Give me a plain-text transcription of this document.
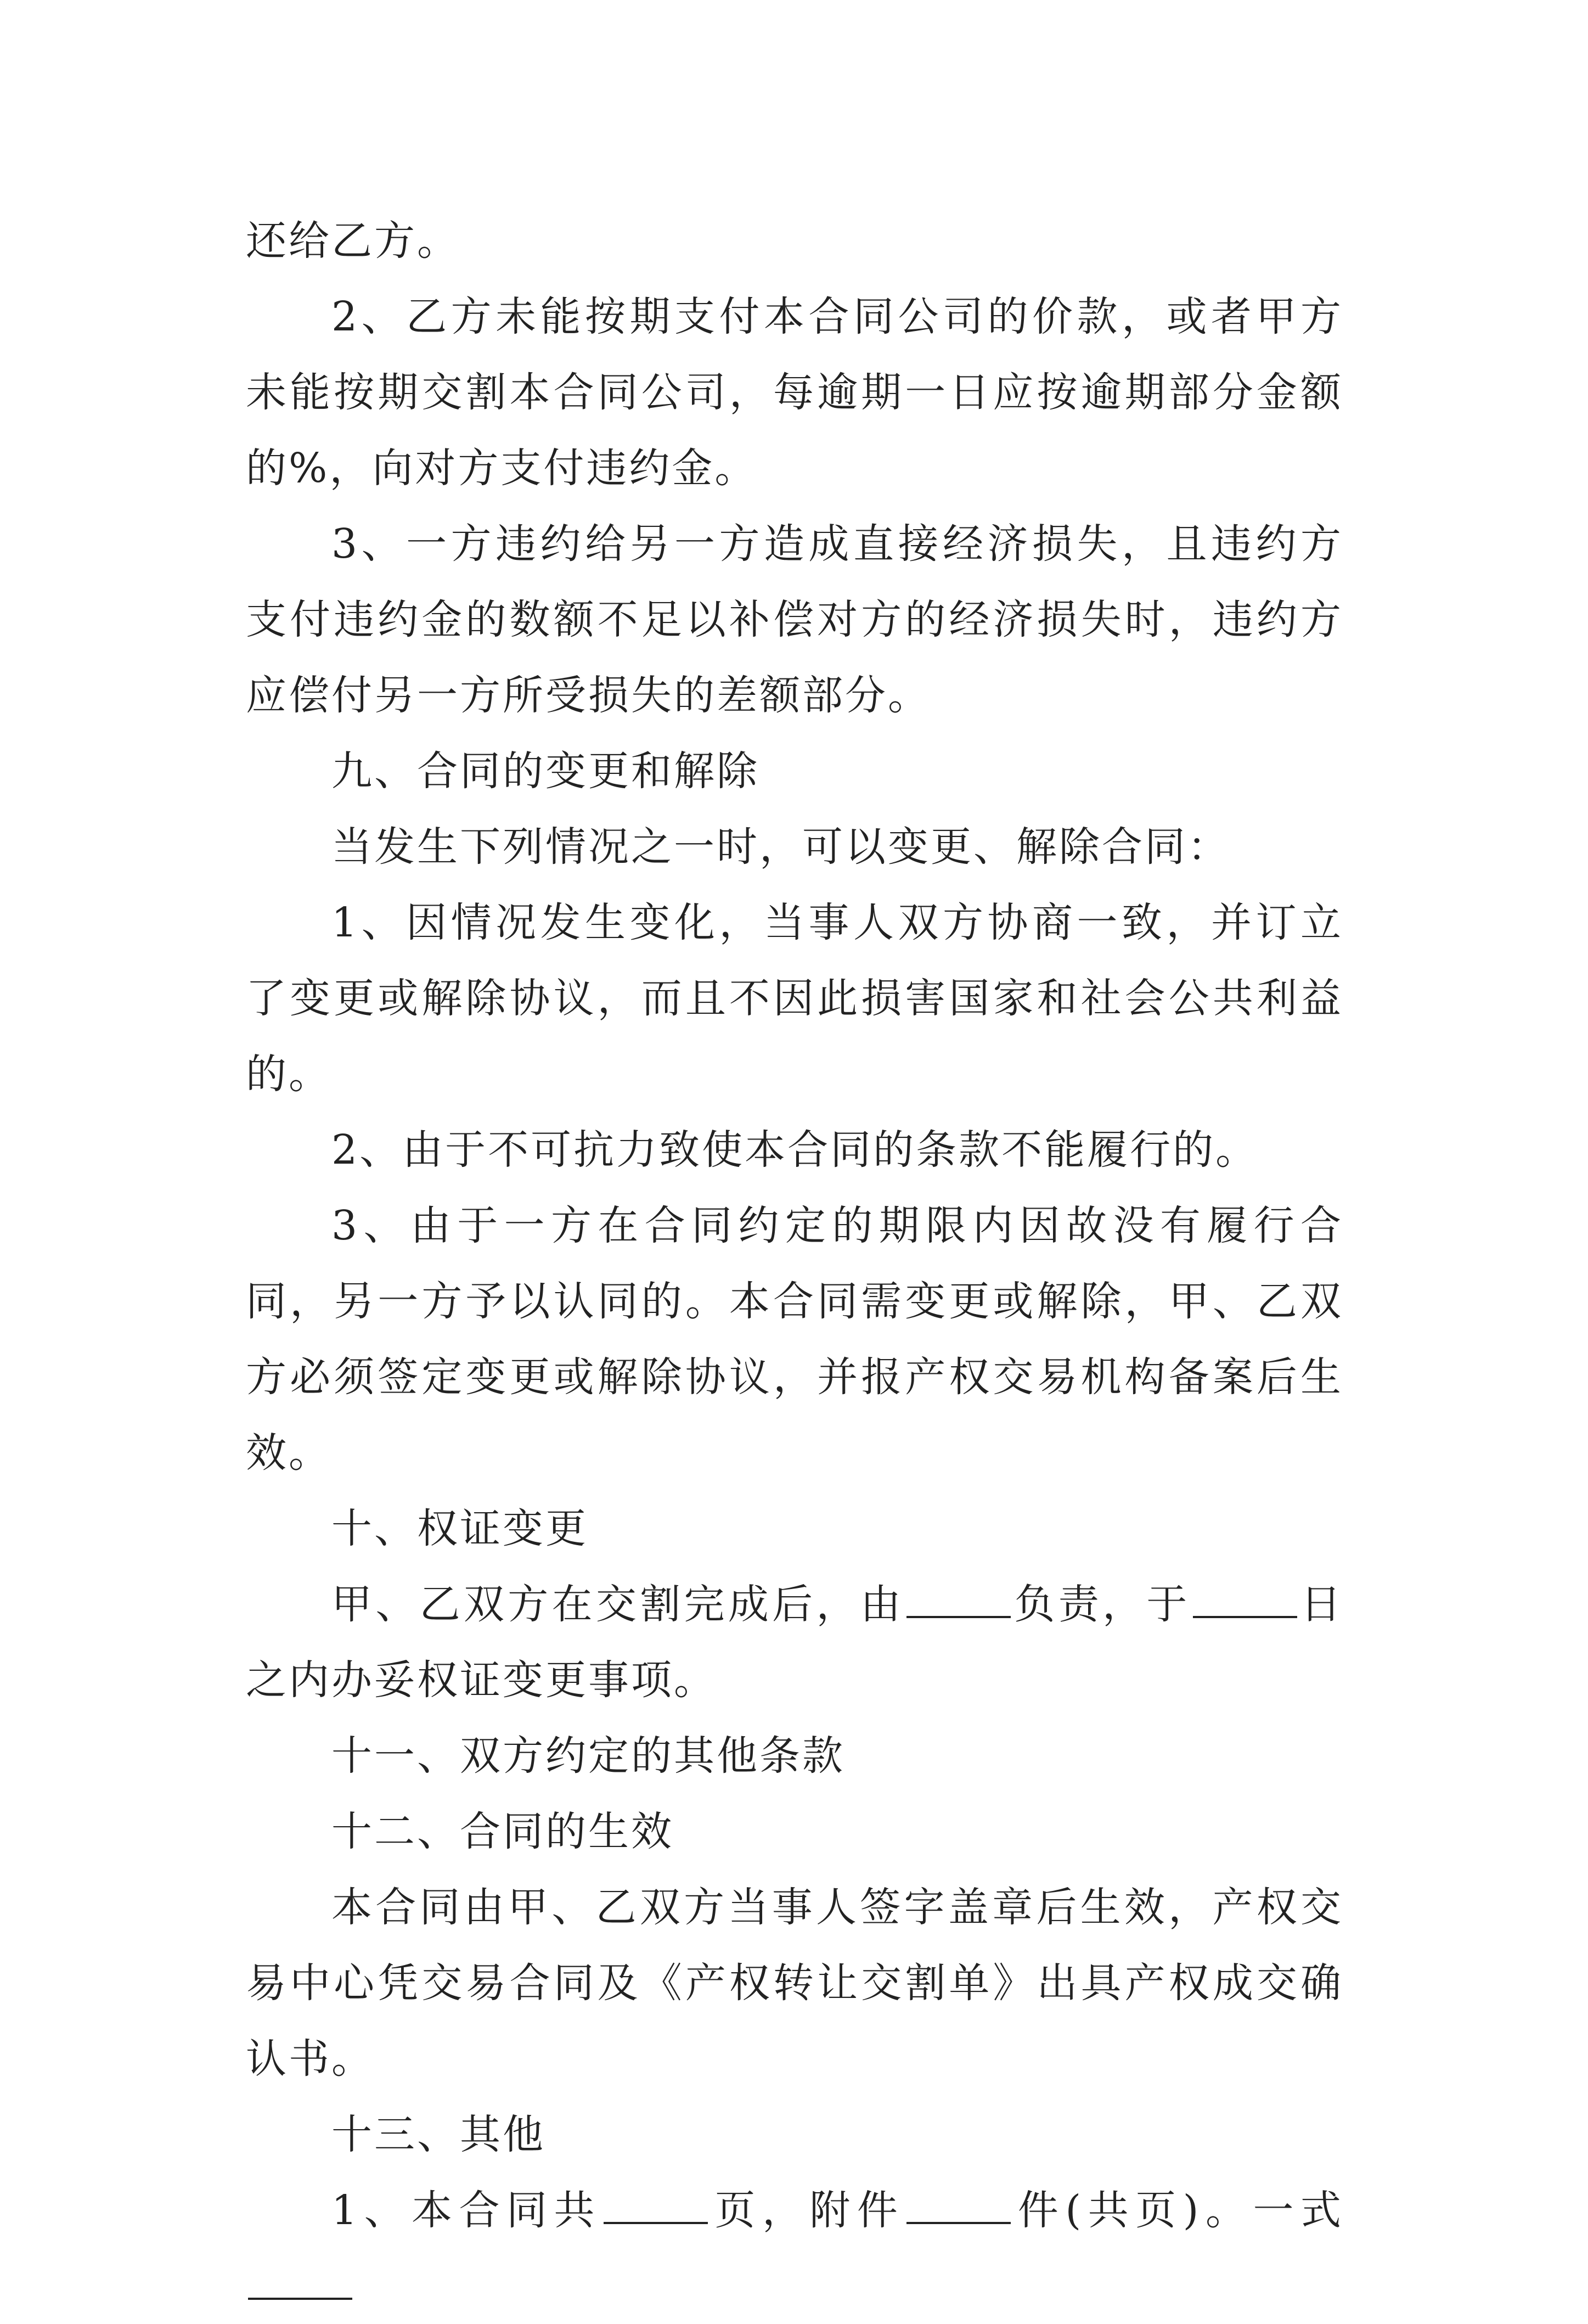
还给乙方。

2、乙方未能按期支付本合同公司的价款，或者甲方未能按期交割本合同公司，每逾期一日应按逾期部分金额的%，向对方支付违约金。

3、一方违约给另一方造成直接经济损失，且违约方支付违约金的数额不足以补偿对方的经济损失时，违约方应偿付另一方所受损失的差额部分。

九、合同的变更和解除

当发生下列情况之一时，可以变更、解除合同：

1、因情况发生变化，当事人双方协商一致，并订立了变更或解除协议，而且不因此损害国家和社会公共利益的。

2、由于不可抗力致使本合同的条款不能履行的。

3、由于一方在合同约定的期限内因故没有履行合同，另一方予以认同的。本合同需变更或解除，甲、乙双方必须签定变更或解除协议，并报产权交易机构备案后生效。

十、权证变更

甲、乙双方在交割完成后，由	负责，于	日之内办妥权证变更事项。

十一、双方约定的其他条款

十二、合同的生效

本合同由甲、乙双方当事人签字盖章后生效，产权交易中心凭交易合同及《产权转让交割单》出具产权成交确认书。

十三、其他

1、本合同共	页，附件	件(共页)。一式
